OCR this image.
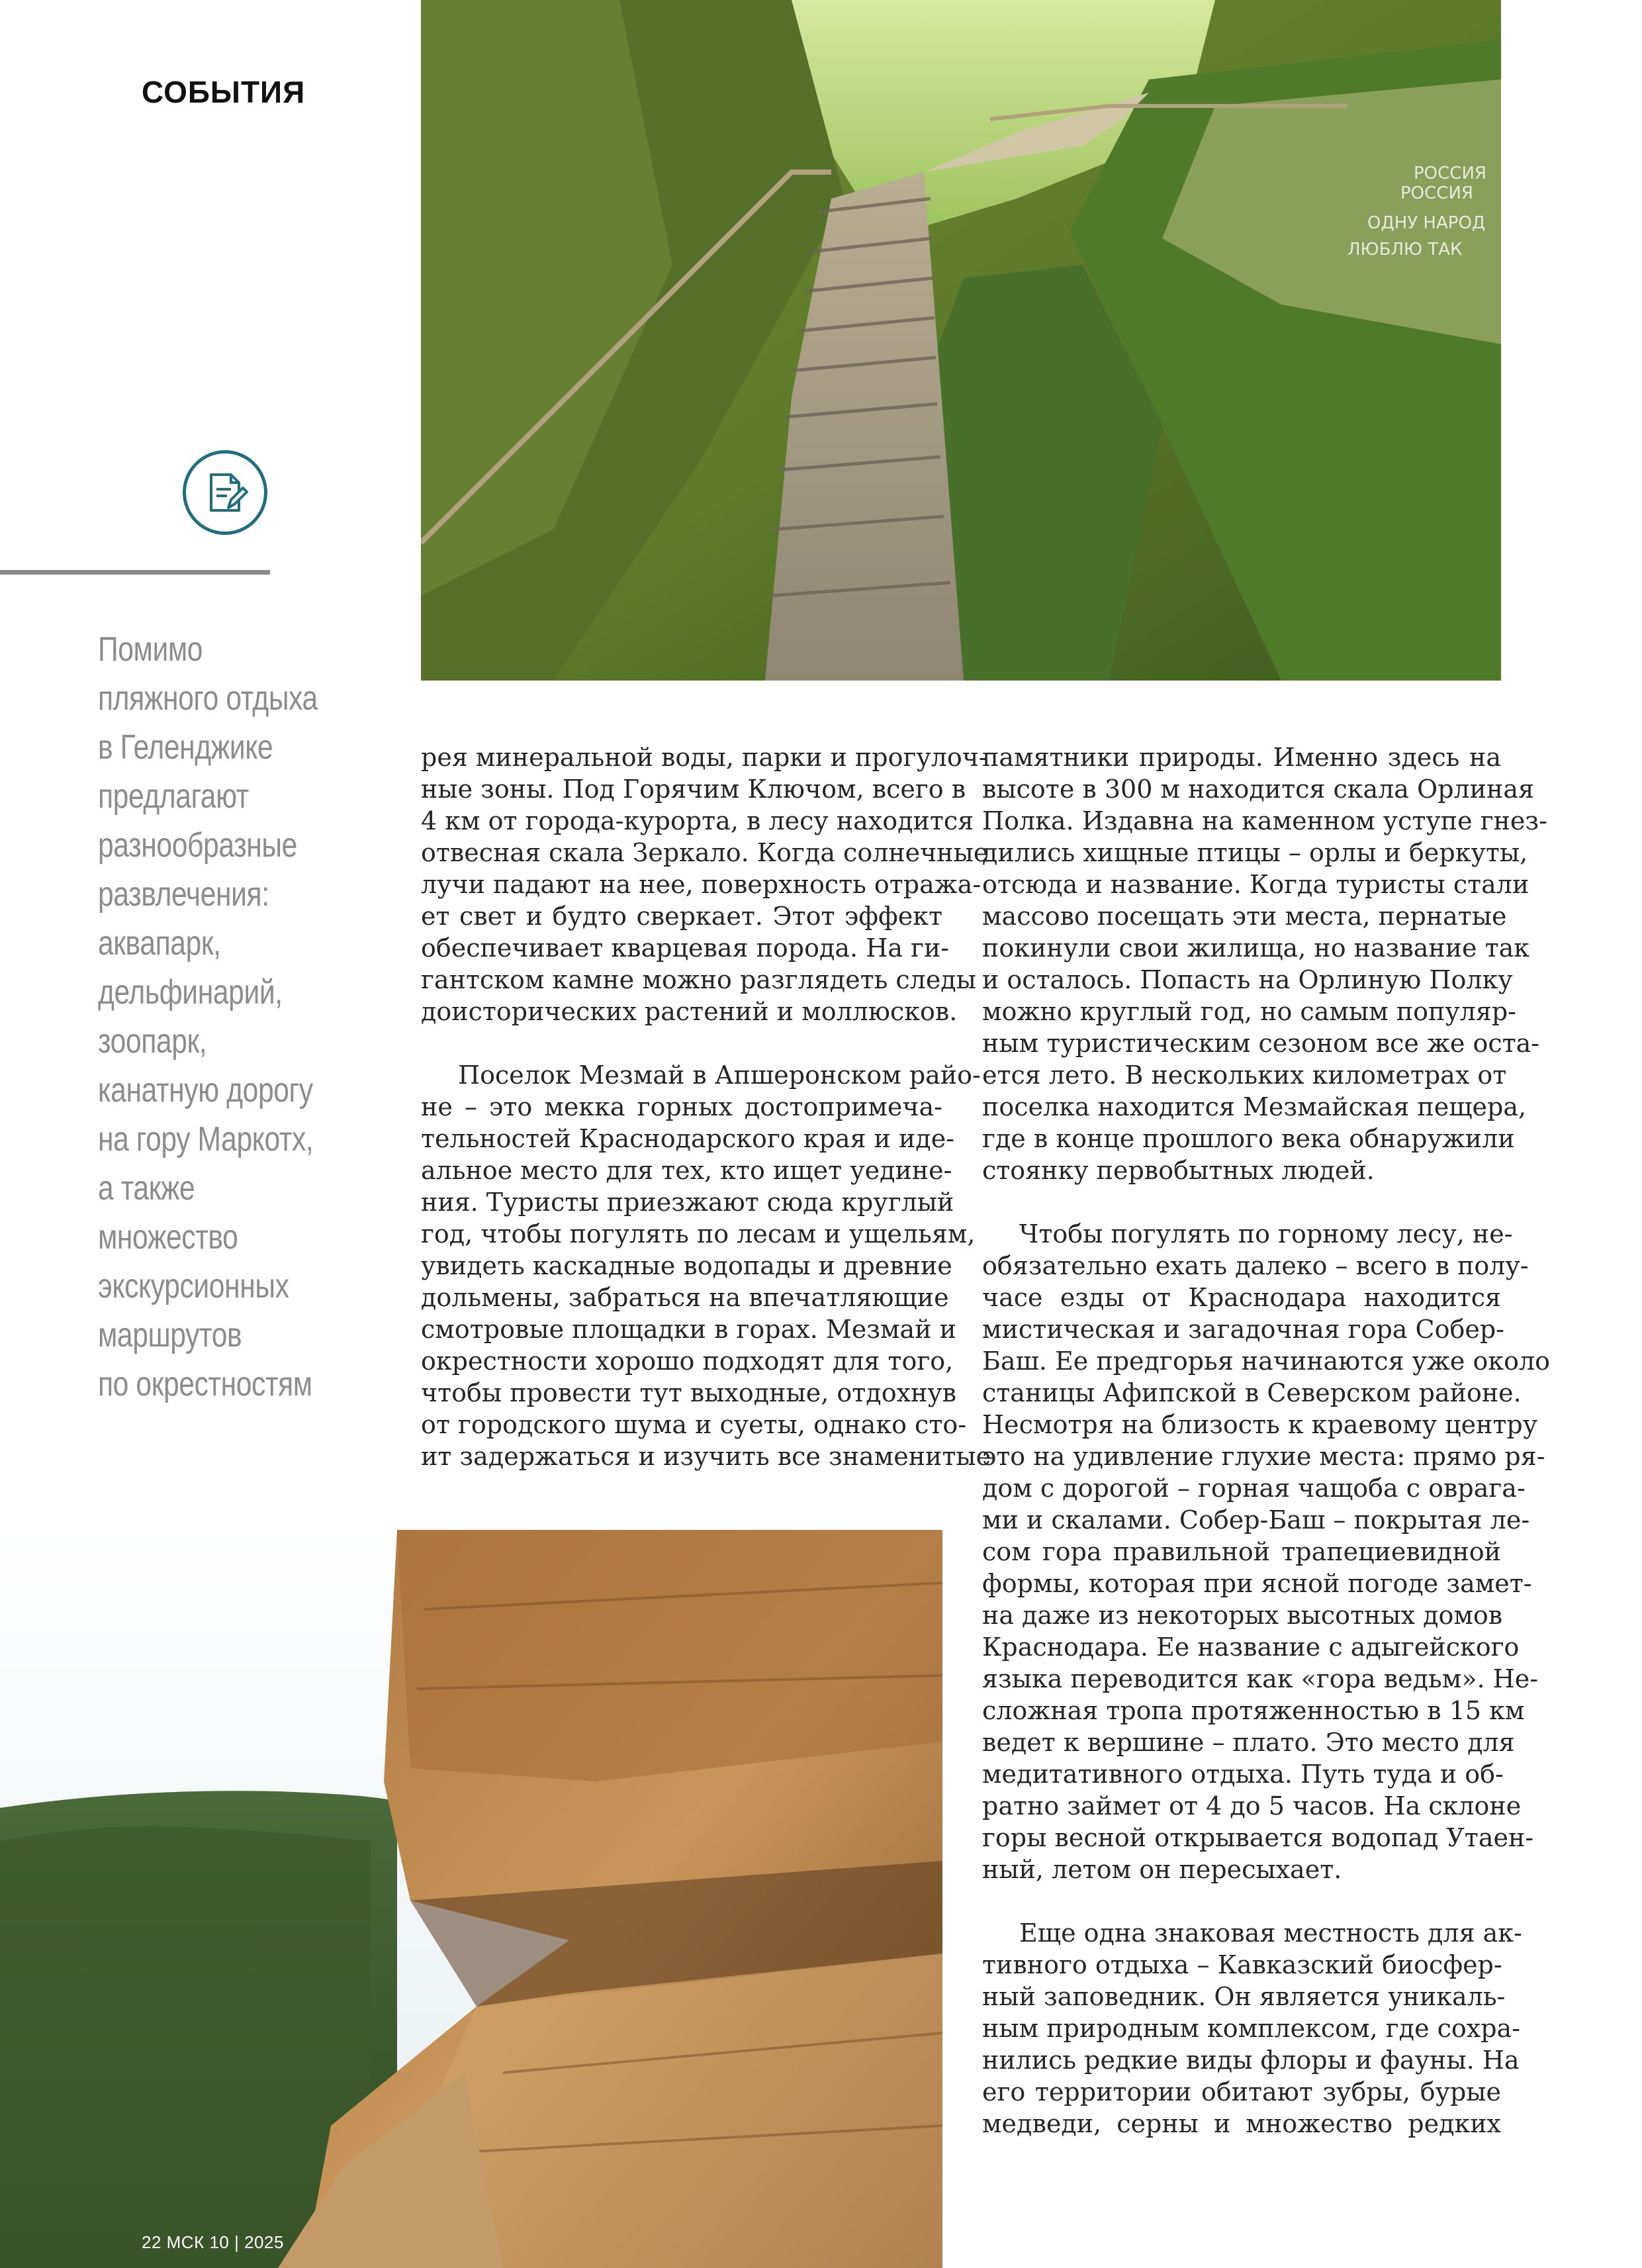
СОБЫТИЯ
РОССИЯ
РОССИЯ
ОДНУ НАРОД
ЛЮБЛЮ ТАК
Помимо
пляжного отдыха
в Геленджике
предлагают
разнообразные
развлечения:
аквапарк,
дельфинарий,
зоопарк,
канатную дорогу
на гору Маркотх,
а также
множество
экскурсионных
маршрутов
по окрестностям

рея минеральной воды, парки и прогулоч-
ные зоны. Под Горячим Ключом, всего в
4 км от города-курорта, в лесу находится
отвесная скала Зеркало. Когда солнечные
лучи падают на нее, поверхность отража-
ет свет и будто сверкает. Этот эффект
обеспечивает кварцевая порода. На ги-
гантском камне можно разглядеть следы
доисторических растений и моллюсков.

Поселок Мезмай в Апшеронском райо-
не – это мекка горных достопримеча-
тельностей Краснодарского края и иде-
альное место для тех, кто ищет уедине-
ния. Туристы приезжают сюда круглый
год, чтобы погулять по лесам и ущельям,
увидеть каскадные водопады и древние
дольмены, забраться на впечатляющие
смотровые площадки в горах. Мезмай и
окрестности хорошо подходят для того,
чтобы провести тут выходные, отдохнув
от городского шума и суеты, однако сто-
ит задержаться и изучить все знаменитые

памятники природы. Именно здесь на
высоте в 300 м находится скала Орлиная
Полка. Издавна на каменном уступе гнез-
дились хищные птицы – орлы и беркуты,
отсюда и название. Когда туристы стали
массово посещать эти места, пернатые
покинули свои жилища, но название так
и осталось. Попасть на Орлиную Полку
можно круглый год, но самым популяр-
ным туристическим сезоном все же оста-
ется лето. В нескольких километрах от
поселка находится Мезмайская пещера,
где в конце прошлого века обнаружили
стоянку первобытных людей.

Чтобы погулять по горному лесу, не-
обязательно ехать далеко – всего в полу-
часе езды от Краснодара находится
мистическая и загадочная гора Собер-
Баш. Ее предгорья начинаются уже около
станицы Афипской в Северском районе.
Несмотря на близость к краевому центру
это на удивление глухие места: прямо ря-
дом с дорогой – горная чащоба с оврага-
ми и скалами. Собер-Баш – покрытая ле-
сом гора правильной трапециевидной
формы, которая при ясной погоде замет-
на даже из некоторых высотных домов
Краснодара. Ее название с адыгейского
языка переводится как «гора ведьм». Не-
сложная тропа протяженностью в 15 км
ведет к вершине – плато. Это место для
медитативного отдыха. Путь туда и об-
ратно займет от 4 до 5 часов. На склоне
горы весной открывается водопад Утаен-
ный, летом он пересыхает.

Еще одна знаковая местность для ак-
тивного отдыха – Кавказский биосфер-
ный заповедник. Он является уникаль-
ным природным комплексом, где сохра-
нились редкие виды флоры и фауны. На
его территории обитают зубры, бурые
медведи, серны и множество редких

22 МСК 10 | 2025
